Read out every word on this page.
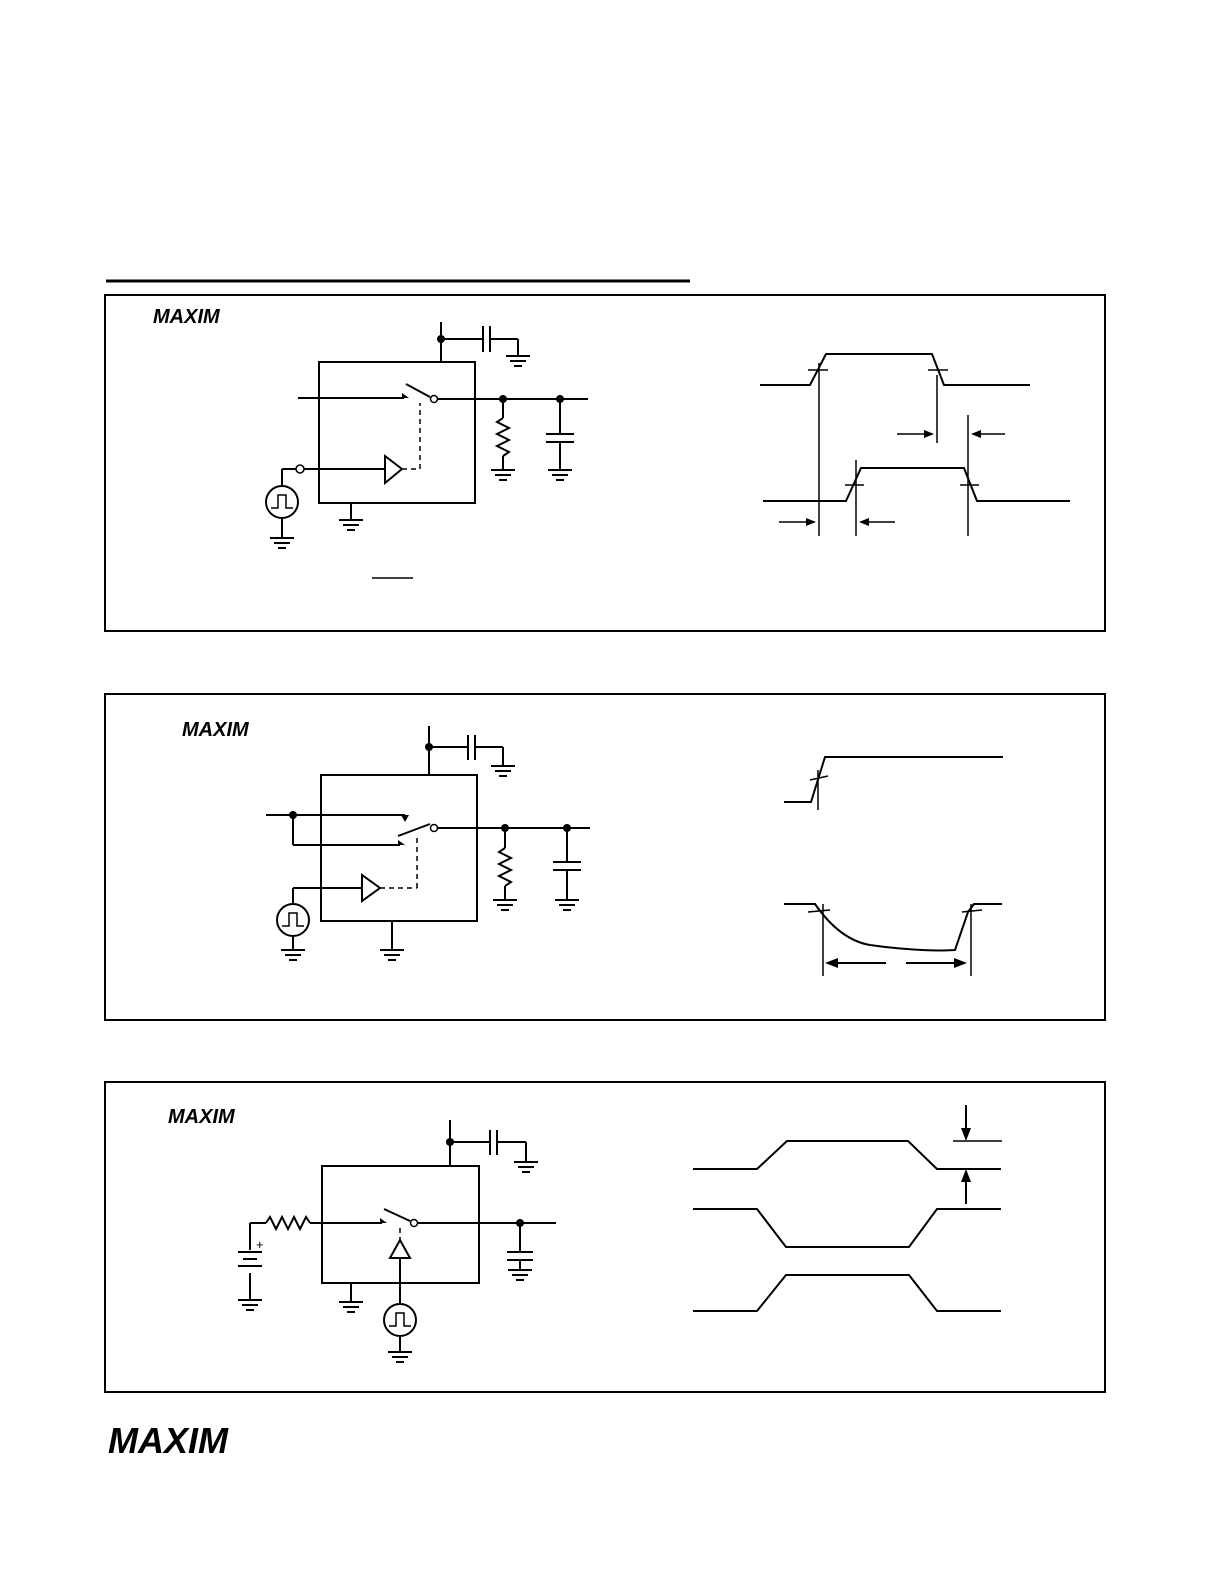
MAXIM
MAXIM
MAXIM
+
MAXIM
